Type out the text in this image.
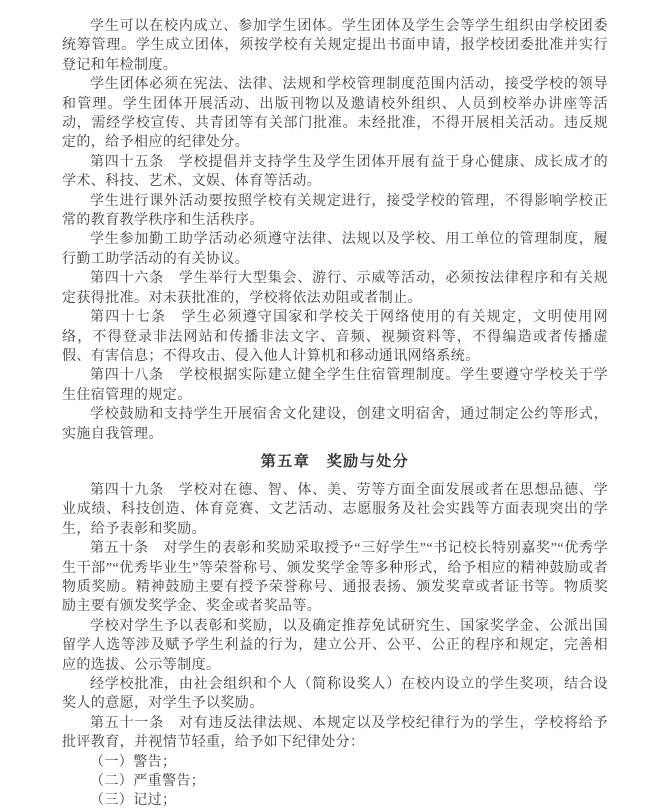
学生可以在校内成立、参加学生团体。学生团体及学生会等学生组织由学校团委统筹管理。学生成立团体，须按学校有关规定提出书面申请，报学校团委批准并实行登记和年检制度。

学生团体必须在宪法、法律、法规和学校管理制度范围内活动，接受学校的领导和管理。学生团体开展活动、出版刊物以及邀请校外组织、人员到校举办讲座等活动，需经学校宣传、共青团等有关部门批准。未经批准，不得开展相关活动。违反规定的，给予相应的纪律处分。

第四十五条　学校提倡并支持学生及学生团体开展有益于身心健康、成长成才的学术、科技、艺术、文娱、体育等活动。

学生进行课外活动要按照学校有关规定进行，接受学校的管理，不得影响学校正常的教育教学秩序和生活秩序。

学生参加勤工助学活动必须遵守法律、法规以及学校、用工单位的管理制度，履行勤工助学活动的有关协议。

第四十六条　学生举行大型集会、游行、示威等活动，必须按法律程序和有关规定获得批准。对未获批准的，学校将依法劝阻或者制止。

第四十七条　学生必须遵守国家和学校关于网络使用的有关规定，文明使用网络，不得登录非法网站和传播非法文字、音频、视频资料等，不得编造或者传播虚假、有害信息；不得攻击、侵入他人计算机和移动通讯网络系统。

第四十八条　学校根据实际建立健全学生住宿管理制度。学生要遵守学校关于学生住宿管理的规定。

学校鼓励和支持学生开展宿舍文化建设，创建文明宿舍，通过制定公约等形式，实施自我管理。

第五章　奖励与处分

第四十九条　学校对在德、智、体、美、劳等方面全面发展或者在思想品德、学业成绩、科技创造、体育竞赛、文艺活动、志愿服务及社会实践等方面表现突出的学生，给予表彰和奖励。

第五十条　对学生的表彰和奖励采取授予“三好学生”“书记校长特别嘉奖”“优秀学生干部”“优秀毕业生”等荣誉称号、颁发奖学金等多种形式，给予相应的精神鼓励或者物质奖励。精神鼓励主要有授予荣誉称号、通报表扬、颁发奖章或者证书等。物质奖励主要有颁发奖学金、奖金或者奖品等。

学校对学生予以表彰和奖励，以及确定推荐免试研究生、国家奖学金、公派出国留学人选等涉及赋予学生利益的行为，建立公开、公平、公正的程序和规定，完善相应的选拔、公示等制度。

经学校批准，由社会组织和个人（简称设奖人）在校内设立的学生奖项，结合设奖人的意愿，对学生予以奖励。

第五十一条　对有违反法律法规、本规定以及学校纪律行为的学生，学校将给予批评教育，并视情节轻重，给予如下纪律处分：

（一）警告；

（二）严重警告；

（三）记过；
